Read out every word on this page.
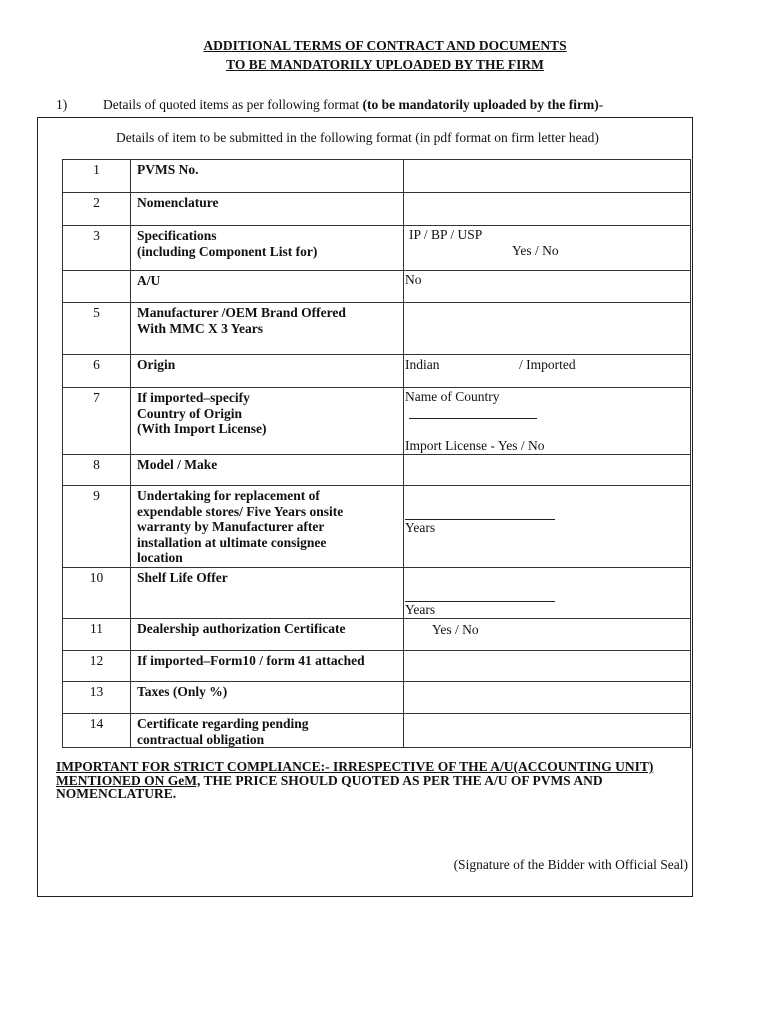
ADDITIONAL TERMS OF CONTRACT AND DOCUMENTS
TO BE MANDATORILY UPLOADED BY THE FIRM
1)	Details of quoted items as per following format (to be mandatorily uploaded by the firm)-
Details of item to be submitted in the following format (in pdf format on firm letter head)
1	PVMS No.	

2	Nomenclature	

3	Specifications
(including Component List for)	IP / BP / USP
Yes / No

	A/U	No

5	Manufacturer /OEM Brand Offered
With MMC X 3 Years	

6	Origin	Indian / Imported
7	If imported–specify
Country of Origin
(With Import License)	Name of Country
Import License - Yes / No

8	Model / Make	

9	Undertaking for replacement of
expendable stores/ Five Years onsite
warranty by Manufacturer after
installation at ultimate consignee
location	Years

10	Shelf Life Offer	Years

11	Dealership authorization Certificate	Yes / No

12	If imported–Form10 / form 41 attached	

13	Taxes (Only %)	

14	Certificate regarding pending
contractual obligation	

IMPORTANT FOR STRICT COMPLIANCE:- IRRESPECTIVE OF THE A/U(ACCOUNTING UNIT) MENTIONED ON GeM, THE PRICE SHOULD QUOTED AS PER THE A/U OF PVMS AND NOMENCLATURE.
(Signature of the Bidder with Official Seal)
